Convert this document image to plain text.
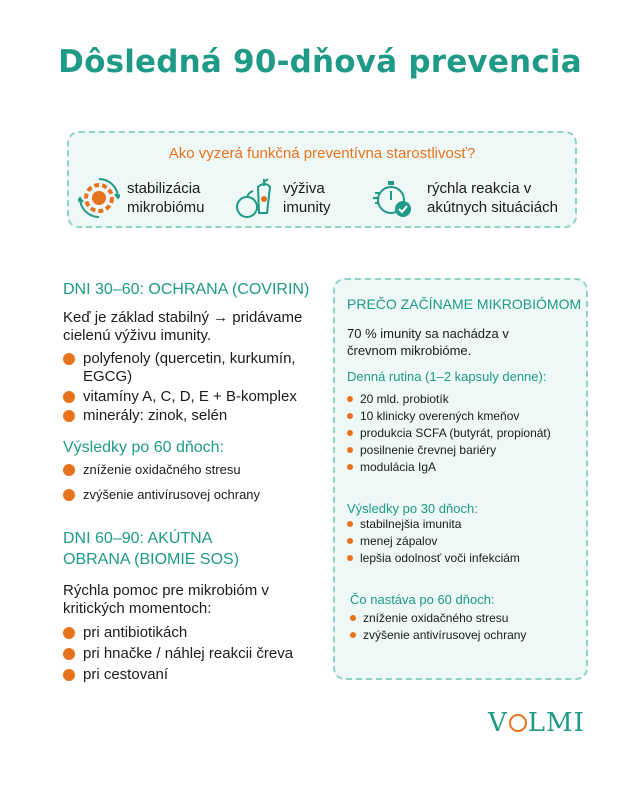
Dôsledná 90-dňová prevencia
Ako vyzerá funkčná preventívna starostlivosť?
stabilizácia
mikrobiómu
výživa
imunity
rýchla reakcia v
akútnych situáciách
DNI 30–60: OCHRANA (COVIRIN)
Keď je základ stabilný → pridávame
cielenú výživu imunity.
polyfenoly (quercetin, kurkumín,
EGCG)
vitamíny A, C, D, E + B-komplex
minerály: zinok, selén
Výsledky po 60 dňoch:
zníženie oxidačného stresu
zvýšenie antivírusovej ochrany
DNI 60–90: AKÚTNA
OBRANA (BIOMIE SOS)
Rýchla pomoc pre mikrobióm v
kritických momentoch:
pri antibiotikách
pri hnačke / náhlej reakcii čreva
pri cestovaní
PREČO ZAČÍNAME MIKROBIÓMOM
70 % imunity sa nachádza v
črevnom mikrobióme.
Denná rutina (1–2 kapsuly denne):
20 mld. probiotík
10 klinicky overených kmeňov
produkcia SCFA (butyrát, propionát)
posilnenie črevnej bariéry
modulácia IgA
Výsledky po 30 dňoch:
stabilnejšia imunita
menej zápalov
lepšia odolnosť voči infekciám
Čo nastáva po 60 dňoch:
zníženie oxidačného stresu
zvýšenie antivírusovej ochrany
V LMI
